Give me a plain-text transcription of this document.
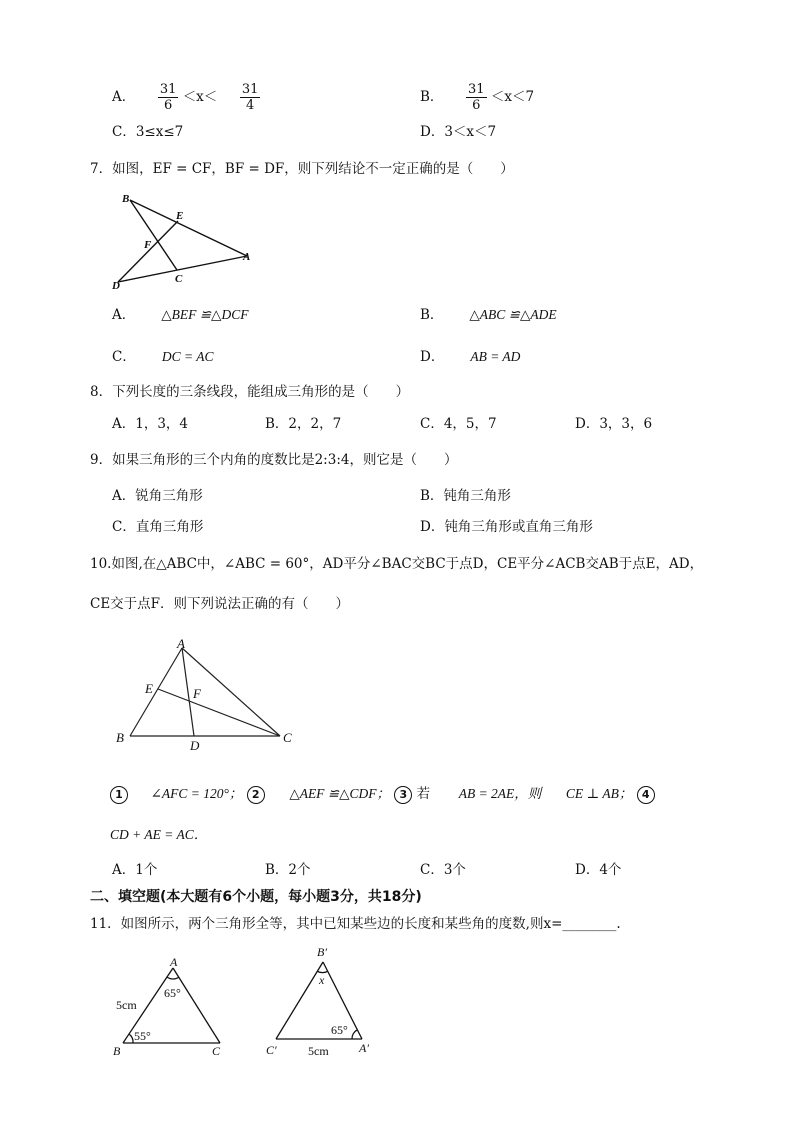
A． $\frac{31}{6} <x< \frac{31}{4}$	B． $\frac{31}{6} <x<7$
C．3≤x≤7	D．3＜x＜7
7．如图，EF = CF，BF = DF，则下列结论不一定正确的是（　　）
B
E
F
A
C
D
A． △BEF ≌△DCF	B． △ABC ≌△ADE
C． DC = AC	D． AB = AD
8．下列长度的三条线段，能组成三角形的是（　　）
A．1，3，4	B．2，2，7	C．4，5，7	D．3，3，6
9．如果三角形的三个内角的度数比是2:3:4，则它是（　　）
A．锐角三角形	B．钝角三角形
C．直角三角形	D．钝角三角形或直角三角形
10.如图,在△ABC中，∠ABC = 60°，AD平分∠BAC交BC于点D，CE平分∠ACB交AB于点E，AD，
CE交于点F．则下列说法正确的有（　　）
A
E	F
B
D
C
1 ∠AFC = 120°； 2 △AEF ≌△CDF； 3 若 AB = 2AE，则 CE ⊥ AB； 4
CD + AE = AC．
A．1个	B．2个	C．3个	D．4个
二、填空题(本大题有6个小题，每小题3分，共18分)
11．如图所示，两个三角形全等，其中已知某些边的长度和某些角的度数,则x=________.
A
65°
5cm
55°
B	C
B′
x
65°
C′	5cm	A′
